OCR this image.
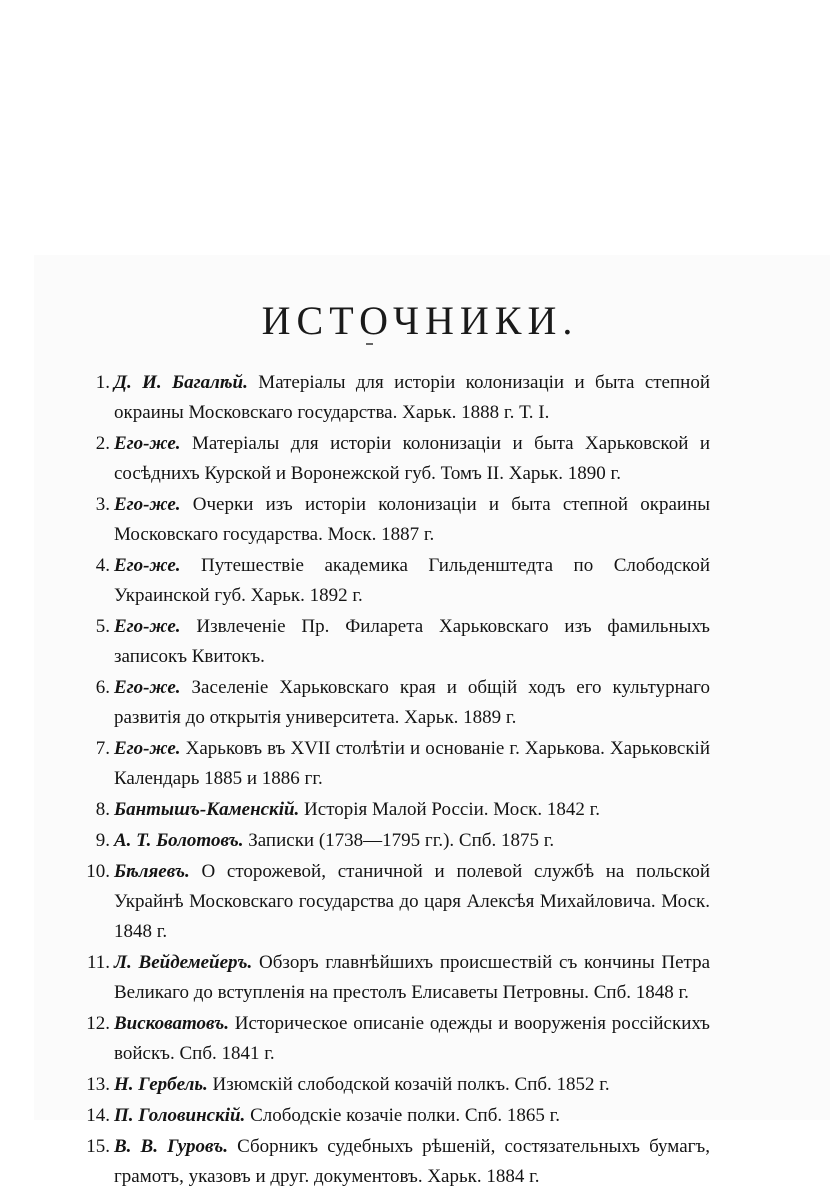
ИСТОЧНИКИ.
1. Д. И. Багалѣй. Матеріалы для исторіи колонизаціи и быта степной окраины Московскаго государства. Харьк. 1888 г. Т. І.
2. Его-же. Матеріалы для исторіи колонизаціи и быта Харьковской и сосѣднихъ Курской и Воронежской губ. Томъ II. Харьк. 1890 г.
3. Его-же. Очерки изъ исторіи колонизаціи и быта степной окраины Московскаго государства. Моск. 1887 г.
4. Его-же. Путешествіе академика Гильденштедта по Слободской Украинской губ. Харьк. 1892 г.
5. Его-же. Извлеченіе Пр. Филарета Харьковскаго изъ фамильныхъ записокъ Квитокъ.
6. Его-же. Заселеніе Харьковскаго края и общій ходъ его культурнаго развитія до открытія университета. Харьк. 1889 г.
7. Его-же. Харьковъ въ XVII столѣтіи и основаніе г. Харькова. Харьковскій Календарь 1885 и 1886 гг.
8. Бантышъ-Каменскій. Исторія Малой Россіи. Моск. 1842 г.
9. А. Т. Болотовъ. Записки (1738—1795 гг.). Спб. 1875 г.
10. Бѣляевъ. О сторожевой, станичной и полевой службѣ на польской Украйнѣ Московскаго государства до царя Алексѣя Михайловича. Моск. 1848 г.
11. Л. Вейдемейеръ. Обзоръ главнѣйшихъ происшествій съ кончины Петра Великаго до вступленія на престолъ Елисаветы Петровны. Спб. 1848 г.
12. Висковатовъ. Историческое описаніе одежды и вооруженія россійскихъ войскъ. Спб. 1841 г.
13. Н. Гербель. Изюмскій слободской козачій полкъ. Спб. 1852 г.
14. П. Головинскій. Слободскіе козачіе полки. Спб. 1865 г.
15. В. В. Гуровъ. Сборникъ судебныхъ рѣшеній, состязательныхъ бумагъ, грамотъ, указовъ и друг. документовъ. Харьк. 1884 г.
